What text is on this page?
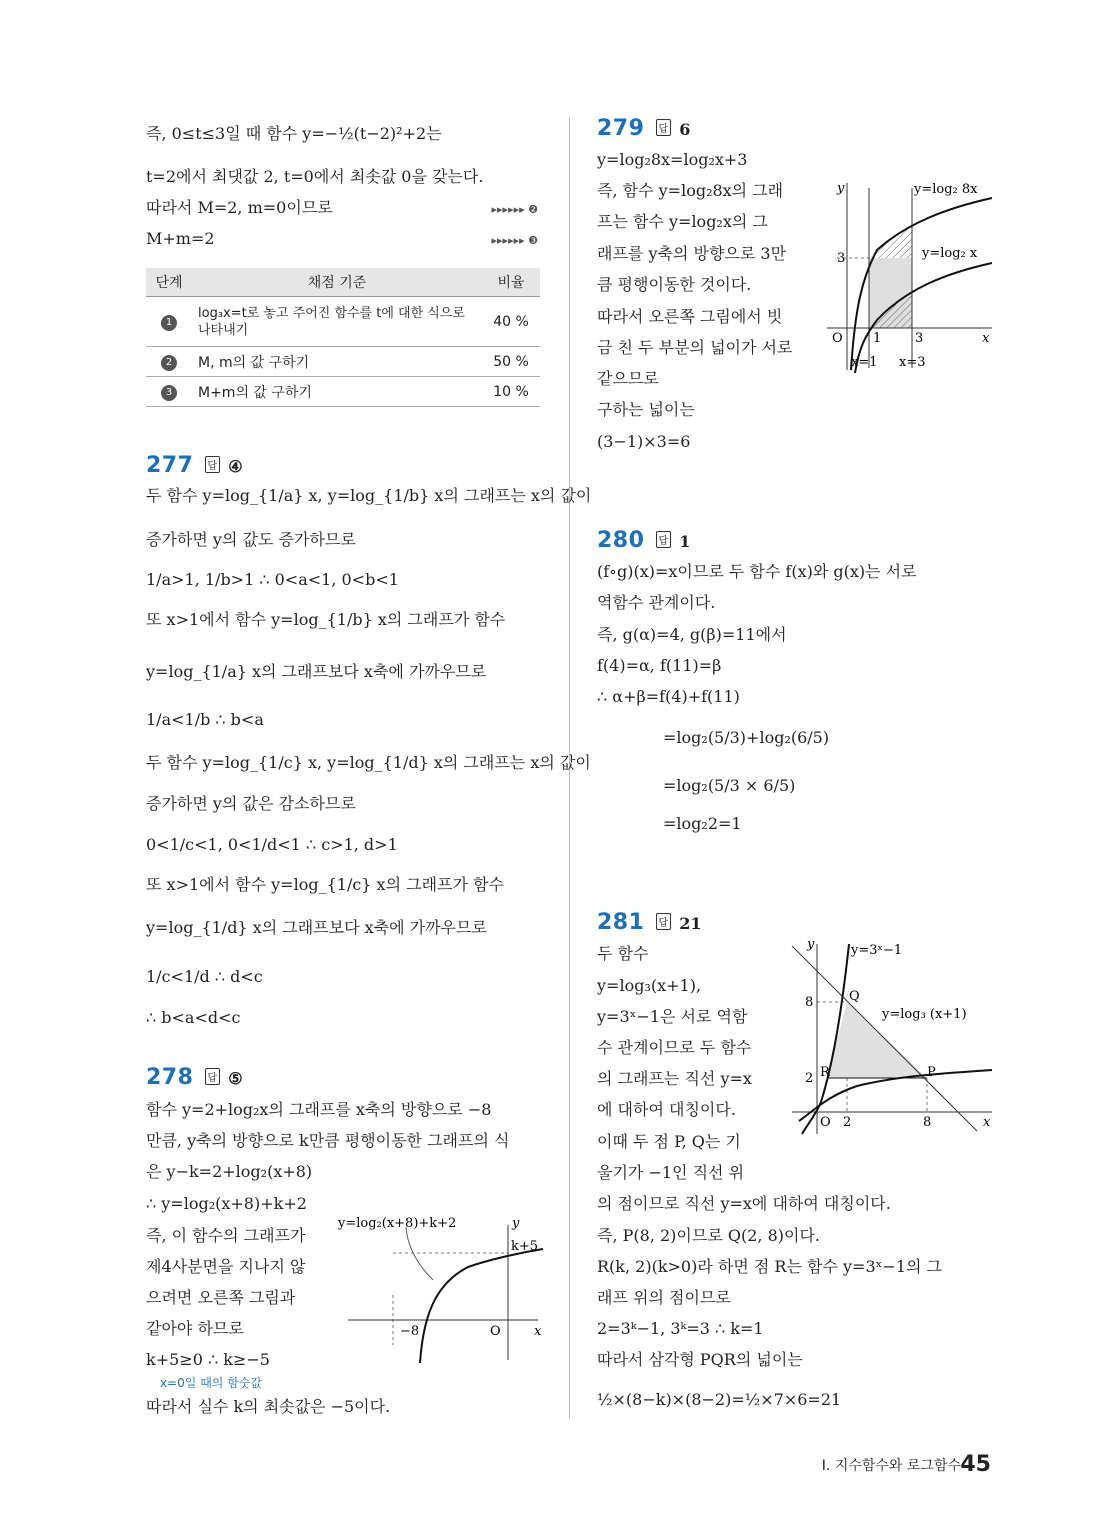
즉, 0≤t≤3일 때 함수 y=−½(t−2)²+2는
t=2에서 최댓값 2, t=0에서 최솟값 0을 갖는다.
따라서 M=2, m=0이므로	▸▸▸▸▸▸ ❷
M+m=2	▸▸▸▸▸▸ ❸
단계	채점 기준	비율
1	log₃x=t로 놓고 주어진 함수를 t에 대한 식으로 나타내기	40 %
2	M, m의 값 구하기	50 %
3	M+m의 값 구하기	10 %
277 답 ④
두 함수 y=log_{1/a} x, y=log_{1/b} x의 그래프는 x의 값이
증가하면 y의 값도 증가하므로
1/a>1, 1/b>1 ∴ 0<a<1, 0<b<1
또 x>1에서 함수 y=log_{1/b} x의 그래프가 함수
y=log_{1/a} x의 그래프보다 x축에 가까우므로
1/a<1/b ∴ b<a
두 함수 y=log_{1/c} x, y=log_{1/d} x의 그래프는 x의 값이
증가하면 y의 값은 감소하므로
0<1/c<1, 0<1/d<1 ∴ c>1, d>1
또 x>1에서 함수 y=log_{1/c} x의 그래프가 함수
y=log_{1/d} x의 그래프보다 x축에 가까우므로
1/c<1/d ∴ d<c
∴ b<a<d<c
278 답 ⑤
함수 y=2+log₂x의 그래프를 x축의 방향으로 −8
만큼, y축의 방향으로 k만큼 평행이동한 그래프의 식
은 y−k=2+log₂(x+8)
∴ y=log₂(x+8)+k+2
즉, 이 함수의 그래프가
제4사분면을 지나지 않
으려면 오른쪽 그림과
같아야 하므로
k+5≥0 ∴ k≥−5
x=0일 때의 함숫값
따라서 실수 k의 최솟값은 −5이다.
y=log₂(x+8)+k+2
k+5
−8	O	x
y
279 답 6
y=log₂8x=log₂x+3
즉, 함수 y=log₂8x의 그래
프는 함수 y=log₂x의 그
래프를 y축의 방향으로 3만
큼 평행이동한 것이다.
따라서 오른쪽 그림에서 빗
금 친 두 부분의 넓이가 서로
같으므로
구하는 넓이는
(3−1)×3=6
y=log₂ 8x
y=log₂ x
3
1	3
O
x=1 x=3
x
y
280 답 1
(f∘g)(x)=x이므로 두 함수 f(x)와 g(x)는 서로
역함수 관계이다.
즉, g(α)=4, g(β)=11에서
f(4)=α, f(11)=β
∴ α+β=f(4)+f(11)
=log₂(5/3)+log₂(6/5)
=log₂(5/3 × 6/5)
=log₂2=1
281 답 21
두 함수
y=log₃(x+1),
y=3ˣ−1은 서로 역함
수 관계이므로 두 함수
의 그래프는 직선 y=x
에 대하여 대칭이다.
이때 두 점 P, Q는 기
울기가 −1인 직선 위
의 점이므로 직선 y=x에 대하여 대칭이다.
즉, P(8, 2)이므로 Q(2, 8)이다.
R(k, 2)(k>0)라 하면 점 R는 함수 y=3ˣ−1의 그
래프 위의 점이므로
2=3ᵏ−1, 3ᵏ=3 ∴ k=1
따라서 삼각형 PQR의 넓이는
½×(8−k)×(8−2)=½×7×6=21
y=3ˣ−1
y=log₃ (x+1)
Q
P
R
8
2
2	8
O	x
y
I. 지수함수와 로그함수 45
